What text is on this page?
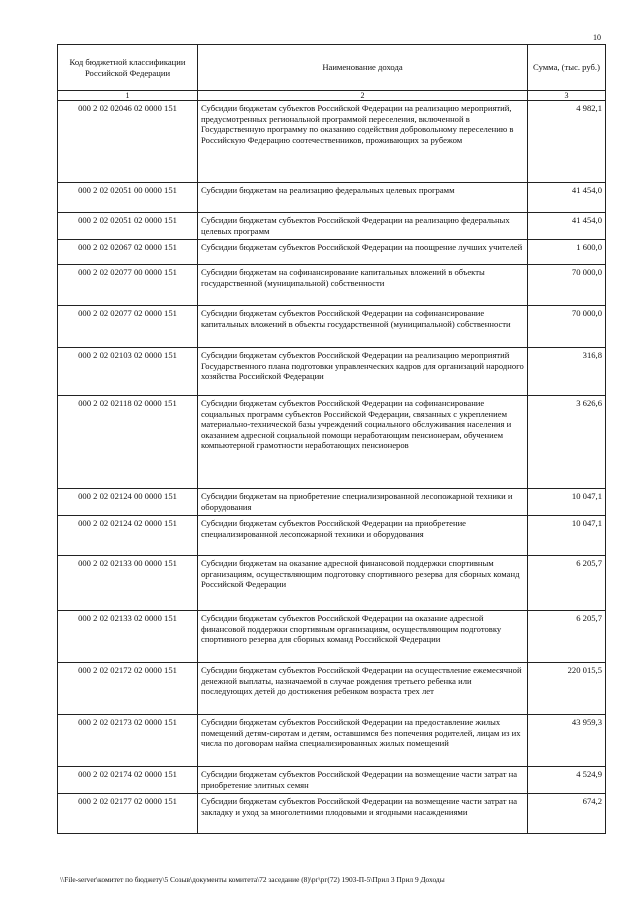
10
Код бюджетной классификации Российской Федерации	Наименование дохода	Сумма, (тыс. руб.)
1	2	3
000 2 02 02046 02 0000 151	Субсидии бюджетам субъектов Российской Федерации на реализацию мероприятий, предусмотренных региональной программой переселения, включенной в Государственную программу по оказанию содействия добровольному переселению в Российскую Федерацию соотечественников, проживающих за рубежом	4 982,1
000 2 02 02051 00 0000 151	Субсидии бюджетам на реализацию федеральных целевых программ	41 454,0
000 2 02 02051 02 0000 151	Субсидии бюджетам субъектов Российской Федерации на реализацию федеральных целевых программ	41 454,0
000 2 02 02067 02 0000 151	Субсидии бюджетам субъектов Российской Федерации на поощрение лучших учителей	1 600,0
000 2 02 02077 00 0000 151	Субсидии бюджетам на софинансирование капитальных вложений в объекты государственной (муниципальной) собственности	70 000,0
000 2 02 02077 02 0000 151	Субсидии бюджетам субъектов Российской Федерации на софинансирование капитальных вложений в объекты государственной (муниципальной) собственности	70 000,0
000 2 02 02103 02 0000 151	Субсидии бюджетам субъектов Российской Федерации на реализацию мероприятий Государственного плана подготовки управленческих кадров для организаций народного хозяйства Российской Федерации	316,8
000 2 02 02118 02 0000 151	Субсидии бюджетам субъектов Российской Федерации на софинансирование социальных программ субъектов Российской Федерации, связанных с укреплением материально-технической базы учреждений социального обслуживания населения и оказанием адресной социальной помощи неработающим пенсионерам, обучением компьютерной грамотности неработающих пенсионеров	3 626,6
000 2 02 02124 00 0000 151	Субсидии бюджетам на приобретение специализированной лесопожарной техники и оборудования	10 047,1
000 2 02 02124 02 0000 151	Субсидии бюджетам субъектов Российской Федерации на приобретение специализированной лесопожарной техники и оборудования	10 047,1
000 2 02 02133 00 0000 151	Субсидии бюджетам на оказание адресной финансовой поддержки спортивным организациям, осуществляющим подготовку спортивного резерва для сборных команд Российской Федерации	6 205,7
000 2 02 02133 02 0000 151	Субсидии бюджетам субъектов Российской Федерации на оказание адресной финансовой поддержки спортивным организациям, осуществляющим подготовку спортивного резерва для сборных команд Российской Федерации	6 205,7
000 2 02 02172 02 0000 151	Субсидии бюджетам субъектов Российской Федерации на осуществление ежемесячной денежной выплаты, назначаемой в случае рождения третьего ребенка или последующих детей до достижения ребенком возраста трех лет	220 015,5
000 2 02 02173 02 0000 151	Субсидии бюджетам субъектов Российской Федерации на предоставление жилых помещений детям-сиротам и детям, оставшимся без попечения родителей, лицам из их числа по договорам найма специализированных жилых помещений	43 959,3
000 2 02 02174 02 0000 151	Субсидии бюджетам субъектов Российской Федерации на возмещение части затрат на приобретение элитных семян	4 524,9
000 2 02 02177 02 0000 151	Субсидии бюджетам субъектов Российской Федерации на возмещение части затрат на закладку и уход за многолетними плодовыми и ягодными насаждениями	674,2
\\File-server\комитет по бюджету\5 Созыв\документы комитета\72 заседание (8)\рг\рг(72) 1903-П-5\Прил 3 Прил 9 Доходы
